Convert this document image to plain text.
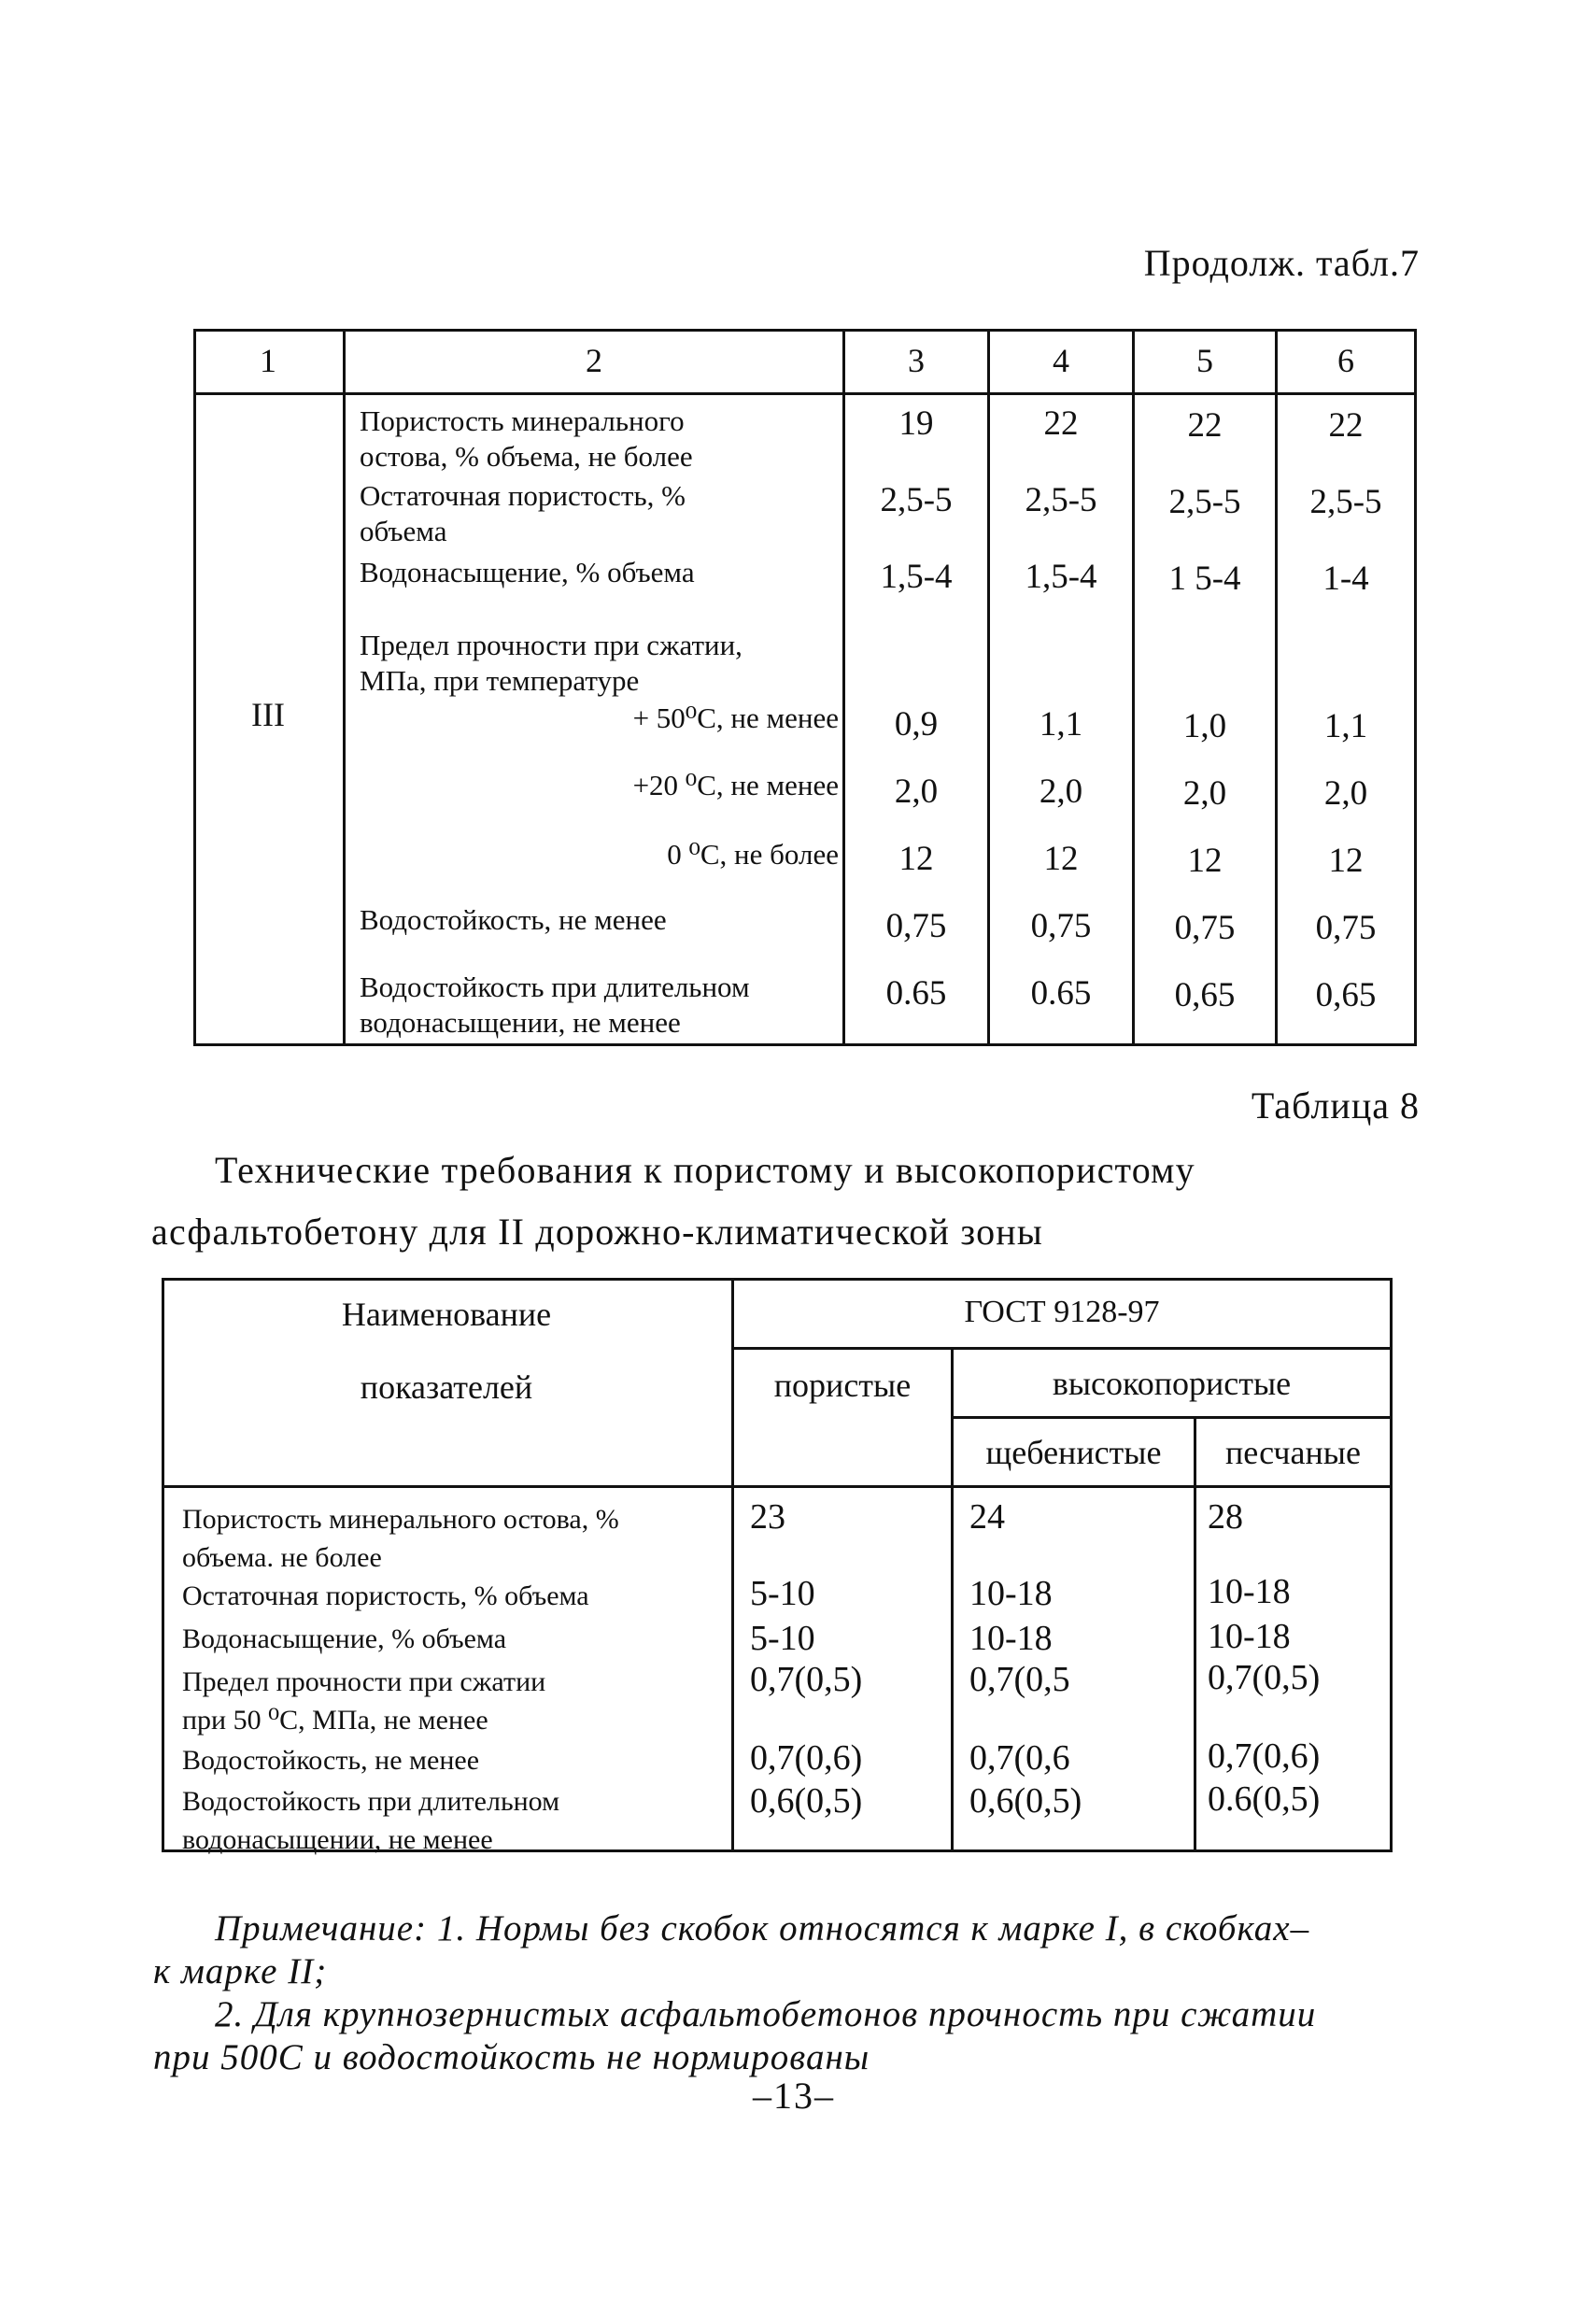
Продолж. табл.7
1	2	3	4	5	6
III
Пористость минерального
остова, % объема, не более
19	22	22	22
Остаточная пористость, %
объема
2,5-5	2,5-5	2,5-5	2,5-5
Водонасыщение, % объема	1,5-4	1,5-4	1 5-4	1-4
Предел прочности при сжатии,
МПа, при температуре
+ 50⁰С, не менее	0,9	1,1	1,0	1,1
+20 ⁰С, не менее	2,0	2,0	2,0	2,0
0 ⁰С, не более	12	12	12	12
Водостойкость, не менее	0,75	0,75	0,75	0,75
Водостойкость при длительном
водонасыщении, не менее
0.65	0.65	0,65	0,65
Таблица 8
Технические требования к пористому и высокопористому
асфальтобетону для II дорожно-климатической зоны
Наименование
показателей
ГОСТ 9128-97
пористые	высокопористые
щебенистые	песчаные
Пористость минерального остова, %
объема. не более
23	24	28
Остаточная пористость, % объема	5-10	10-18	10-18
Водонасыщение, % объема	5-10	10-18	10-18
Предел прочности при сжатии
при 50 ⁰С, МПа, не менее
0,7(0,5)	0,7(0,5	0,7(0,5)
Водостойкость, не менее	0,7(0,6)	0,7(0,6	0,7(0,6)
Водостойкость при длительном
водонасыщении, не менее
0,6(0,5)	0,6(0,5)	0.6(0,5)
Примечание: 1. Нормы без скобок относятся к марке I, в скобках–
к марке II;
2. Для крупнозернистых асфальтобетонов прочность при сжатии
при 500С и водостойкость не нормированы
–13–
